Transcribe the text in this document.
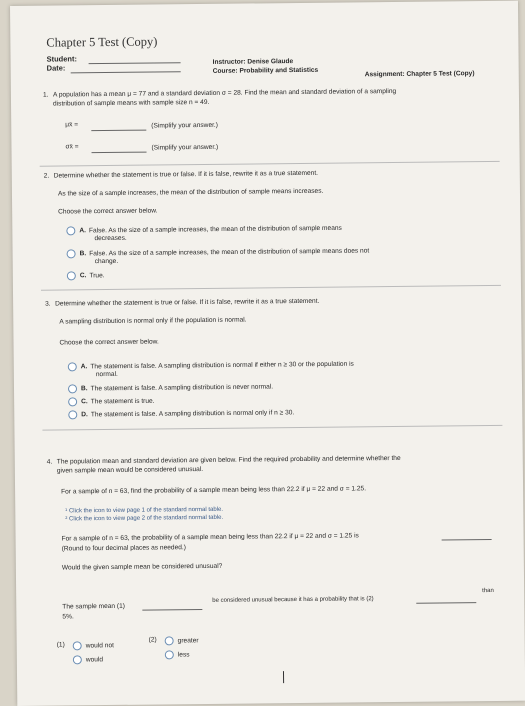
Chapter 5 Test (Copy)
Student:
Date:
Instructor: Denise Glaude
Course: Probability and Statistics	Assignment: Chapter 5 Test (Copy)
1. A population has a mean μ = 77 and a standard deviation σ = 28. Find the mean and standard deviation of a sampling
distribution of sample means with sample size n = 49.
μx̄ =	(Simplify your answer.)
σx̄ =	(Simplify your answer.)
2. Determine whether the statement is true or false. If it is false, rewrite it as a true statement.
As the size of a sample increases, the mean of the distribution of sample means increases.
Choose the correct answer below.
A. False. As the size of a sample increases, the mean of the distribution of sample means
decreases.
B. False. As the size of a sample increases, the mean of the distribution of sample means does not
change.
C. True.
3. Determine whether the statement is true or false. If it is false, rewrite it as a true statement.
A sampling distribution is normal only if the population is normal.
Choose the correct answer below.
A. The statement is false. A sampling distribution is normal if either n ≥ 30 or the population is
normal.
B. The statement is false. A sampling distribution is never normal.
C. The statement is true.
D. The statement is false. A sampling distribution is normal only if n ≥ 30.
4. The population mean and standard deviation are given below. Find the required probability and determine whether the
given sample mean would be considered unusual.
For a sample of n = 63, find the probability of a sample mean being less than 22.2 if μ = 22 and σ = 1.25.
¹ Click the icon to view page 1 of the standard normal table.
² Click the icon to view page 2 of the standard normal table.
For a sample of n = 63, the probability of a sample mean being less than 22.2 if μ = 22 and σ = 1.25 is
(Round to four decimal places as needed.)
Would the given sample mean be considered unusual?
The sample mean (1)
be considered unusual because it has a probability that is (2)
than
5%.
(1)	would not
would
(2)	greater
less
